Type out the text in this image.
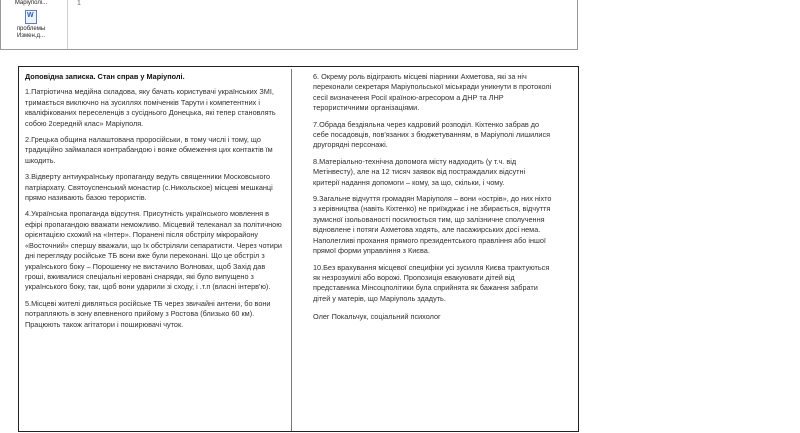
Маріуполі...
W
проблемы
Измен.д...
1

Доповідна записка. Стан справ у Маріуполі.

1.Патріотична медійна складова, яку бачать користувачі українських ЗМІ, тримається виключно на зусиллях поміченків Тарути і компетентних і кваліфікованих переселенців з сусіднього Донецька, які тепер становлять собою 2середній клас» Маріуполя.

2.Грецька община налаштована проросійськи, в тому числі і тому, що традиційно займалася контрабандою і вояке обмеження цих контактів їм шкодить.

3.Відверту антиукраїнську пропаганду ведуть священники Московського патріархату. Святоуспенський монастир (с.Никольское) місцеві мешканці прямо називають базою терористів.

4.Українська пропаганда відсутня. Присутність українського мовлення в ефірі пропагандою вважати неможливо. Місцевий телеканал за політичною орієнтацією схожий на «Інтер». Поранені після обстрілу мікрорайону «Восточний» спершу вважали, що їх обстріляли сепаратисти. Через чотири дні перегляду російське ТБ вони вже були переконані. Що це обстріл з українського боку – Порошенку не вистачило Волновах, щоб Захід дав гроші, вживалися спеціальні керовані снаряди, які було випущено з українського боку, так, щоб вони ударили зі сходу, і .т.п (власні інтерв'ю).

5.Місцеві жителі дивляться російське ТБ через звичайні антени, бо вони потрапляють в зону впевненого прийому з Ростова (близько 60 км). Працюють також агітатори і поширювачі чуток.

6. Окрему роль відіграють місцеві піарники Ахметова, які за ніч переконали секретаря Маріупольської міськради уникнути в протоколі сесії визначення Росії країною-агресором а ДНР та ЛНР терористичними організаціями.

7.Обрада бездіяльна через кадровий розподіл. Кіхтенко забрав до себе посадовців, пов'язаних з бюджетуванням, в Маріуполі лишилися другорядні персонажі.

8.Матеріально-технічна допомога місту надходить (у т.ч. від Метінвесту), але на 12 тисяч заявок від постраждалих відсутні критерії надання допомоги – кому, за що, скільки, і чому.

9.Загальне відчуття громадян Маріуполя – вони «острів», до них ніхто з керівництва (навіть Кіхтенко) не приїжджає і не збирається, відчуття зумисної ізольованості посилюється тим, що залізничне сполучення відновлене і потяги Ахметова ходять, але пасажирських досі нема. Наполегливі прохання прямого президентського правління або іншої прямої форми управління з Києва.

10.Без врахування місцевої специфіки усі зусилля Києва трактуються як незрозумілі або ворожі. Пропозиція евакуювати дітей від представника Мінсоцполітики була сприйнята як бажання забрати дітей у матерів, що Маріуполь здадуть.

Олег Покальчук, соціальний психолог
